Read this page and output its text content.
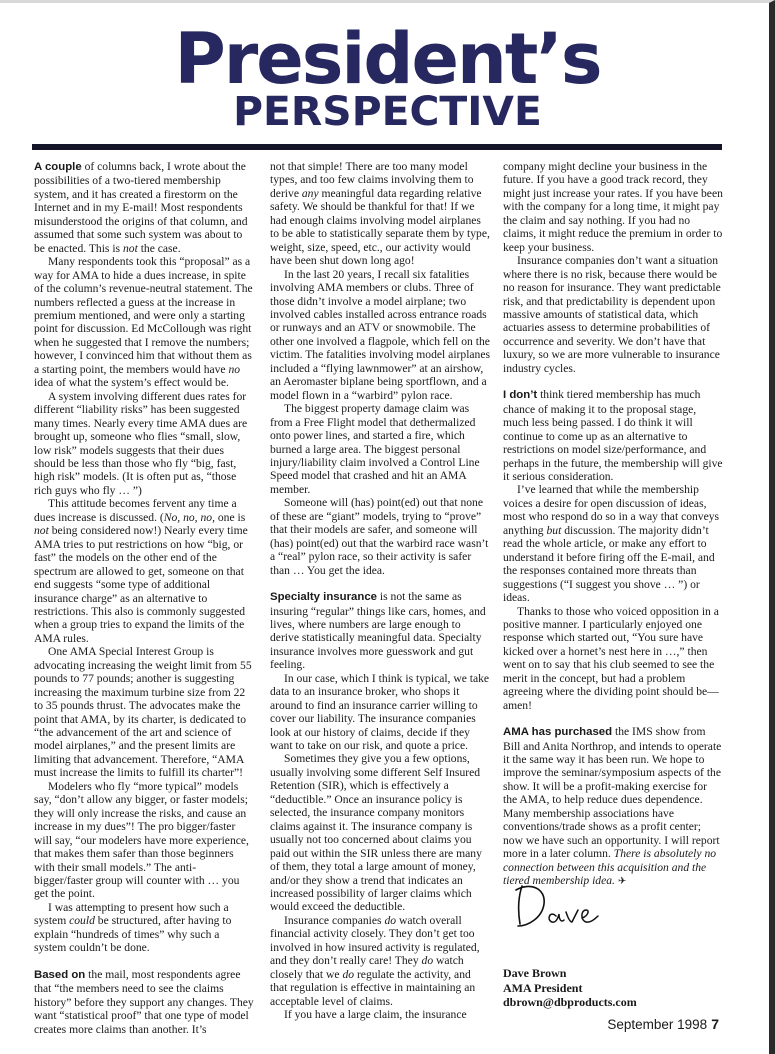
President’s
PERSPECTIVE

A couple of columns back, I wrote about the possibilities of a two-tiered membership system, and it has created a firestorm on the Internet and in my E-mail! Most respondents misunderstood the origins of that column, and assumed that some such system was about to be enacted. This is not the case.

Many respondents took this “proposal” as a way for AMA to hide a dues increase, in spite of the column’s revenue-neutral statement. The numbers reflected a guess at the increase in premium mentioned, and were only a starting point for discussion. Ed McCollough was right when he suggested that I remove the numbers; however, I convinced him that without them as a starting point, the members would have no idea of what the system’s effect would be.

A system involving different dues rates for different “liability risks” has been suggested many times. Nearly every time AMA dues are brought up, someone who flies “small, slow, low risk” models suggests that their dues should be less than those who fly “big, fast, high risk” models. (It is often put as, “those rich guys who fly … ”)

This attitude becomes fervent any time a dues increase is discussed. (No, no, no, one is not being considered now!) Nearly every time AMA tries to put restrictions on how “big, or fast” the models on the other end of the spectrum are allowed to get, someone on that end suggests “some type of additional insurance charge” as an alternative to restrictions. This also is commonly suggested when a group tries to expand the limits of the AMA rules.

One AMA Special Interest Group is advocating increasing the weight limit from 55 pounds to 77 pounds; another is suggesting increasing the maximum turbine size from 22 to 35 pounds thrust. The advocates make the point that AMA, by its charter, is dedicated to “the advancement of the art and science of model airplanes,” and the present limits are limiting that advancement. Therefore, “AMA must increase the limits to fulfill its charter”!

Modelers who fly “more typical” models say, “don’t allow any bigger, or faster models; they will only increase the risks, and cause an increase in my dues”! The pro bigger/faster will say, “our modelers have more experience, that makes them safer than those beginners with their small models.” The anti-bigger/faster group will counter with … you get the point.

I was attempting to present how such a system could be structured, after having to explain “hundreds of times” why such a system couldn’t be done.

Based on the mail, most respondents agree that “the members need to see the claims history” before they support any changes. They want “statistical proof” that one type of model creates more claims than another. It’s

not that simple! There are too many model types, and too few claims involving them to derive any meaningful data regarding relative safety. We should be thankful for that! If we had enough claims involving model airplanes to be able to statistically separate them by type, weight, size, speed, etc., our activity would have been shut down long ago!

In the last 20 years, I recall six fatalities involving AMA members or clubs. Three of those didn’t involve a model airplane; two involved cables installed across entrance roads or runways and an ATV or snowmobile. The other one involved a flagpole, which fell on the victim. The fatalities involving model airplanes included a “flying lawnmower” at an airshow, an Aeromaster biplane being sportflown, and a model flown in a “warbird” pylon race.

The biggest property damage claim was from a Free Flight model that dethermalized onto power lines, and started a fire, which burned a large area. The biggest personal injury/liability claim involved a Control Line Speed model that crashed and hit an AMA member.

Someone will (has) point(ed) out that none of these are “giant” models, trying to “prove” that their models are safer, and someone will (has) point(ed) out that the warbird race wasn’t a “real” pylon race, so their activity is safer than … You get the idea.

Specialty insurance is not the same as insuring “regular” things like cars, homes, and lives, where numbers are large enough to derive statistically meaningful data. Specialty insurance involves more guesswork and gut feeling.

In our case, which I think is typical, we take data to an insurance broker, who shops it around to find an insurance carrier willing to cover our liability. The insurance companies look at our history of claims, decide if they want to take on our risk, and quote a price.

Sometimes they give you a few options, usually involving some different Self Insured Retention (SIR), which is effectively a “deductible.” Once an insurance policy is selected, the insurance company monitors claims against it. The insurance company is usually not too concerned about claims you paid out within the SIR unless there are many of them, they total a large amount of money, and/or they show a trend that indicates an increased possibility of larger claims which would exceed the deductible.

Insurance companies do watch overall financial activity closely. They don’t get too involved in how insured activity is regulated, and they don’t really care! They do watch closely that we do regulate the activity, and that regulation is effective in maintaining an acceptable level of claims.

If you have a large claim, the insurance

company might decline your business in the future. If you have a good track record, they might just increase your rates. If you have been with the company for a long time, it might pay the claim and say nothing. If you had no claims, it might reduce the premium in order to keep your business.

Insurance companies don’t want a situation where there is no risk, because there would be no reason for insurance. They want predictable risk, and that predictability is dependent upon massive amounts of statistical data, which actuaries assess to determine probabilities of occurrence and severity. We don’t have that luxury, so we are more vulnerable to insurance industry cycles.

I don’t think tiered membership has much chance of making it to the proposal stage, much less being passed. I do think it will continue to come up as an alternative to restrictions on model size/performance, and perhaps in the future, the membership will give it serious consideration.

I’ve learned that while the membership voices a desire for open discussion of ideas, most who respond do so in a way that conveys anything but discussion. The majority didn’t read the whole article, or make any effort to understand it before firing off the E-mail, and the responses contained more threats than suggestions (“I suggest you shove … ”) or ideas.

Thanks to those who voiced opposition in a positive manner. I particularly enjoyed one response which started out, “You sure have kicked over a hornet’s nest here in …,” then went on to say that his club seemed to see the merit in the concept, but had a problem agreeing where the dividing point should be—amen!

AMA has purchased the IMS show from Bill and Anita Northrop, and intends to operate it the same way it has been run. We hope to improve the seminar/symposium aspects of the show. It will be a profit-making exercise for the AMA, to help reduce dues dependence. Many membership associations have conventions/trade shows as a profit center; now we have such an opportunity. I will report more in a later column. There is absolutely no connection between this acquisition and the tiered membership idea. ✈

Dave Brown
AMA President
dbrown@dbproducts.com
September 1998 7
